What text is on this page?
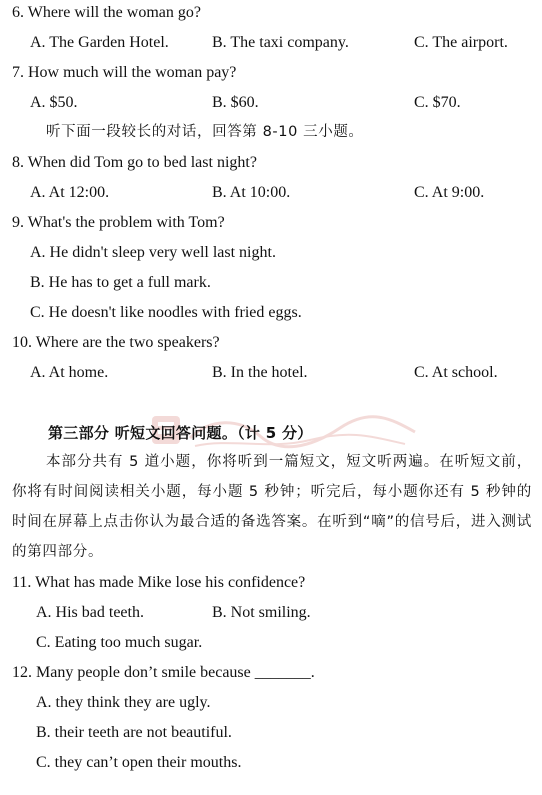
6. Where will the woman go?
A. The Garden Hotel.	B. The taxi company.	C. The airport.
7. How much will the woman pay?
A. $50.	B. $60.	C. $70.
听下面一段较长的对话，回答第 8-10 三小题。
8. When did Tom go to bed last night?
A. At 12:00.	B. At 10:00.	C. At 9:00.
9. What's the problem with Tom?
A. He didn't sleep very well last night.
B. He has to get a full mark.
C. He doesn't like noodles with fried eggs.
10. Where are the two speakers?
A. At home.	B. In the hotel.	C. At school.
第三部分 听短文回答问题。（计 5 分）
本部分共有 5 道小题，你将听到一篇短文，短文听两遍。在听短文前，你将有时间阅读相关小题，每小题 5 秒钟；听完后，每小题你还有 5 秒钟的时间在屏幕上点击你认为最合适的备选答案。在听到“嘀”的信号后，进入测试的第四部分。
11. What has made Mike lose his confidence?
A. His bad teeth.	B. Not smiling.
C. Eating too much sugar.
12. Many people don’t smile because _______.
A. they think they are ugly.
B. their teeth are not beautiful.
C. they can’t open their mouths.
